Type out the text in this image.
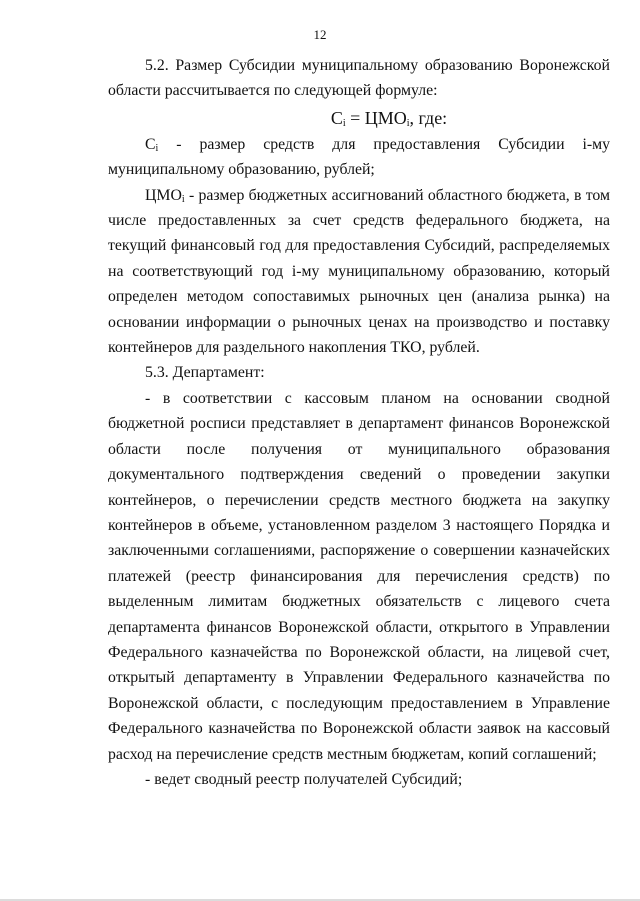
12

5.2. Размер Субсидии муниципальному образованию Воронежской области рассчитывается по следующей формуле:

$C_i = ЦМО_i$, где:

$C_i$ - размер средств для предоставления Субсидии i-му муниципальному образованию, рублей;

$ЦМО_i$ - размер бюджетных ассигнований областного бюджета, в том числе предоставленных за счет средств федерального бюджета, на текущий финансовый год для предоставления Субсидий, распределяемых на соответствующий год i-му муниципальному образованию, который определен методом сопоставимых рыночных цен (анализа рынка) на основании информации о рыночных ценах на производство и поставку контейнеров для раздельного накопления ТКО, рублей.

5.3. Департамент:

- в соответствии с кассовым планом на основании сводной бюджетной росписи представляет в департамент финансов Воронежской области после получения от муниципального образования документального подтверждения сведений о проведении закупки контейнеров, о перечислении средств местного бюджета на закупку контейнеров в объеме, установленном разделом 3 настоящего Порядка и заключенными соглашениями, распоряжение о совершении казначейских платежей (реестр финансирования для перечисления средств) по выделенным лимитам бюджетных обязательств с лицевого счета департамента финансов Воронежской области, открытого в Управлении Федерального казначейства по Воронежской области, на лицевой счет, открытый департаменту в Управлении Федерального казначейства по Воронежской области, с последующим предоставлением в Управление Федерального казначейства по Воронежской области заявок на кассовый расход на перечисление средств местным бюджетам, копий соглашений;

- ведет сводный реестр получателей Субсидий;
